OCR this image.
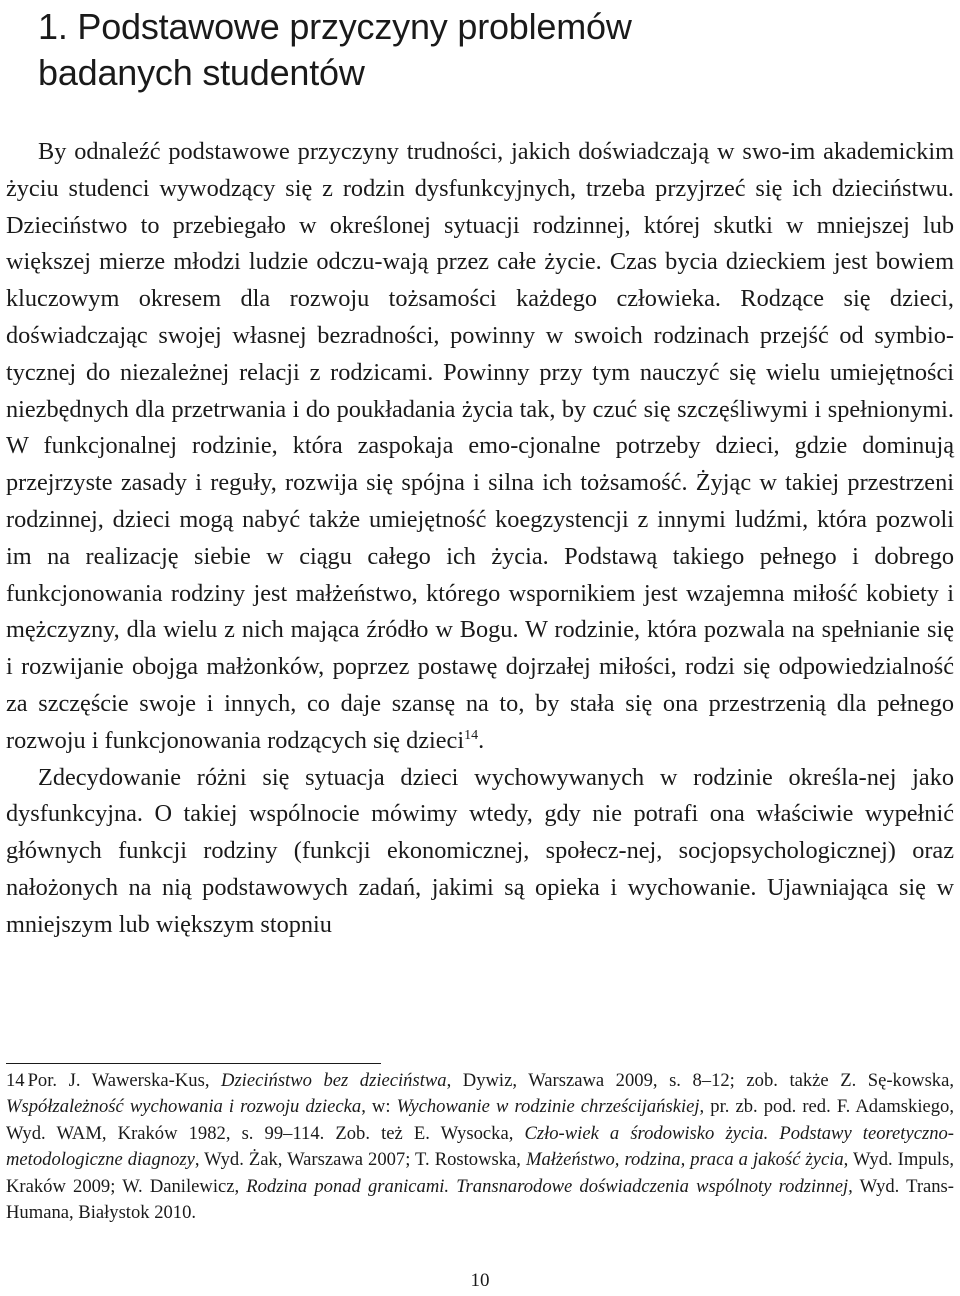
1. Podstawowe przyczyny problemów
badanych studentów

By odnaleźć podstawowe przyczyny trudności, jakich doświadczają w swo-im akademickim życiu studenci wywodzący się z rodzin dysfunkcyjnych, trzeba przyjrzeć się ich dzieciństwu. Dzieciństwo to przebiegało w określonej sytuacji rodzinnej, której skutki w mniejszej lub większej mierze młodzi ludzie odczu-wają przez całe życie. Czas bycia dzieckiem jest bowiem kluczowym okresem dla rozwoju tożsamości każdego człowieka. Rodzące się dzieci, doświadczając swojej własnej bezradności, powinny w swoich rodzinach przejść od symbio-tycznej do niezależnej relacji z rodzicami. Powinny przy tym nauczyć się wielu umiejętności niezbędnych dla przetrwania i do poukładania życia tak, by czuć się szczęśliwymi i spełnionymi. W funkcjonalnej rodzinie, która zaspokaja emo-cjonalne potrzeby dzieci, gdzie dominują przejrzyste zasady i reguły, rozwija się spójna i silna ich tożsamość. Żyjąc w takiej przestrzeni rodzinnej, dzieci mogą nabyć także umiejętność koegzystencji z innymi ludźmi, która pozwoli im na realizację siebie w ciągu całego ich życia. Podstawą takiego pełnego i dobrego funkcjonowania rodziny jest małżeństwo, którego wspornikiem jest wzajemna miłość kobiety i mężczyzny, dla wielu z nich mająca źródło w Bogu. W rodzinie, która pozwala na spełnianie się i rozwijanie obojga małżonków, poprzez postawę dojrzałej miłości, rodzi się odpowiedzialność za szczęście swoje i innych, co daje szansę na to, by stała się ona przestrzenią dla pełnego rozwoju i funkcjonowania rodzących się dzieci$^{14}$.

Zdecydowanie różni się sytuacja dzieci wychowywanych w rodzinie określa-nej jako dysfunkcyjna. O takiej wspólnocie mówimy wtedy, gdy nie potrafi ona właściwie wypełnić głównych funkcji rodziny (funkcji ekonomicznej, społecz-nej, socjopsychologicznej) oraz nałożonych na nią podstawowych zadań, jakimi są opieka i wychowanie. Ujawniająca się w mniejszym lub większym stopniu

14 Por. J. Wawerska-Kus, Dzieciństwo bez dzieciństwa, Dywiz, Warszawa 2009, s. 8–12; zob. także Z. Sę-kowska, Współzależność wychowania i rozwoju dziecka, w: Wychowanie w rodzinie chrześcijańskiej, pr. zb. pod. red. F. Adamskiego, Wyd. WAM, Kraków 1982, s. 99–114. Zob. też E. Wysocka, Czło-wiek a środowisko życia. Podstawy teoretyczno-metodologiczne diagnozy, Wyd. Żak, Warszawa 2007; T. Rostowska, Małżeństwo, rodzina, praca a jakość życia, Wyd. Impuls, Kraków 2009; W. Danilewicz, Rodzina ponad granicami. Transnarodowe doświadczenia wspólnoty rodzinnej, Wyd. Trans-Humana, Białystok 2010.

10
